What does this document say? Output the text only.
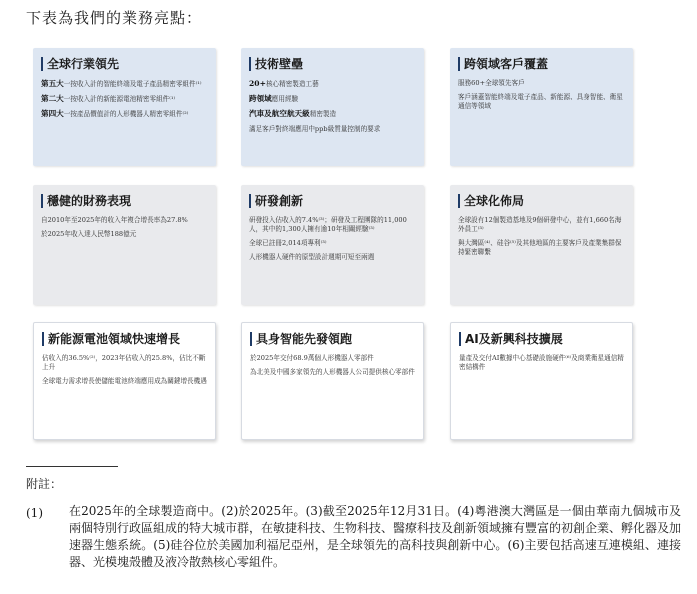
下表為我們的業務亮點：
全球行業領先
第五大一按收入計的智能終端及電子產品精密零組件⁽¹⁾
第二大一按收入計的新能源電池精密零組件⁽¹⁾
第四大一按產品價值計的人形機器人精密零組件⁽²⁾
技術壁壘
20+核心精密製造工藝
跨領域應用經驗
汽車及航空航天級精密製造
滿足客戶對終端應用中ppb級質量控制的要求
跨領域客戶覆蓋
服務60+全球領先客戶
客戶涵蓋智能終端及電子產品、新能源、具身智能、衛星通信等領域
穩健的財務表現
自2010年至2025年的收入年複合增長率為27.8%
於2025年收入達人民幣188億元
研發創新
研發投入佔收入的7.4%⁽³⁾；研發及工程團隊的11,000人，其中的1,300人擁有逾10年相關經驗⁽³⁾
全球已註冊2,014項專利⁽³⁾
人形機器人硬件的原型設計週期可短至兩週
全球化佈局
全球設有12個製造基地及9個研發中心，並有1,660名海外員工⁽³⁾
與大灣區⁽⁴⁾、硅谷⁽⁵⁾及其他地區的主要客戶及產業集群保持緊密聯繫
新能源電池領域快速增長
佔收入的36.5%⁽²⁾，2023年佔收入的25.8%，佔比不斷上升
全球電力需求增長使儲能電池終端應用成為關鍵增長機遇
具身智能先發領跑
於2025年交付68.9萬個人形機器人零部件
為北美及中國多家領先的人形機器人公司提供核心零部件
AI及新興科技擴展
量產及交付AI數據中心基礎設施硬件⁽⁶⁾及商業衛星通信精密結構件
附註：
(1) 在2025年的全球製造商中。(2)於2025年。(3)截至2025年12月31日。(4)粵港澳大灣區是一個由華南九個城市及兩個特別行政區組成的特大城市群，在敏捷科技、生物科技、醫療科技及創新領域擁有豐富的初創企業、孵化器及加速器生態系統。(5)硅谷位於美國加利福尼亞州，是全球領先的高科技與創新中心。(6)主要包括高速互連模組、連接器、光模塊殼體及液冷散熱核心零組件。
